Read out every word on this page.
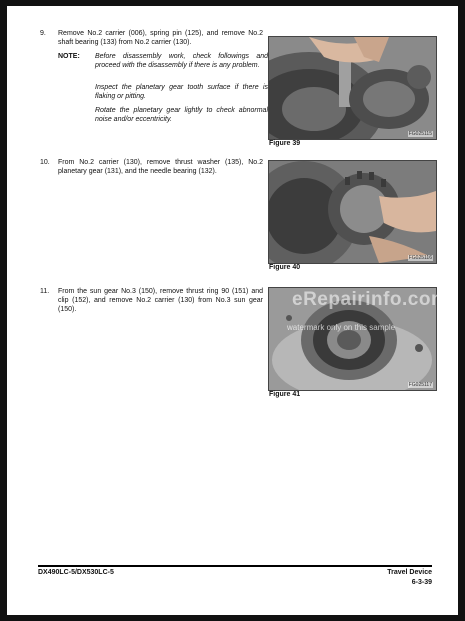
9.	Remove No.2 carrier (006), spring pin (125), and remove No.2 shaft bearing (133) from No.2 carrier (130).
NOTE: Before disassembly work, check followings and proceed with the disassembly if there is any problem.
Inspect the planetary gear tooth surface if there is flaking or pitting.
Rotate the planetary gear lightly to check abnormal noise and/or eccentricity.
FG025115
Figure 39
10.	From No.2 carrier (130), remove thrust washer (135), No.2 planetary gear (131), and the needle bearing (132).
FG025116
Figure 40
11.	From the sun gear No.3 (150), remove thrust ring 90 (151) and clip (152), and remove No.2 carrier (130) from No.3 sun gear (150).
FG025117
Figure 41
eRepairinfo.com
watermark only on this sample
DX490LC-5/DX530LC-5	Travel Device
6-3-39
